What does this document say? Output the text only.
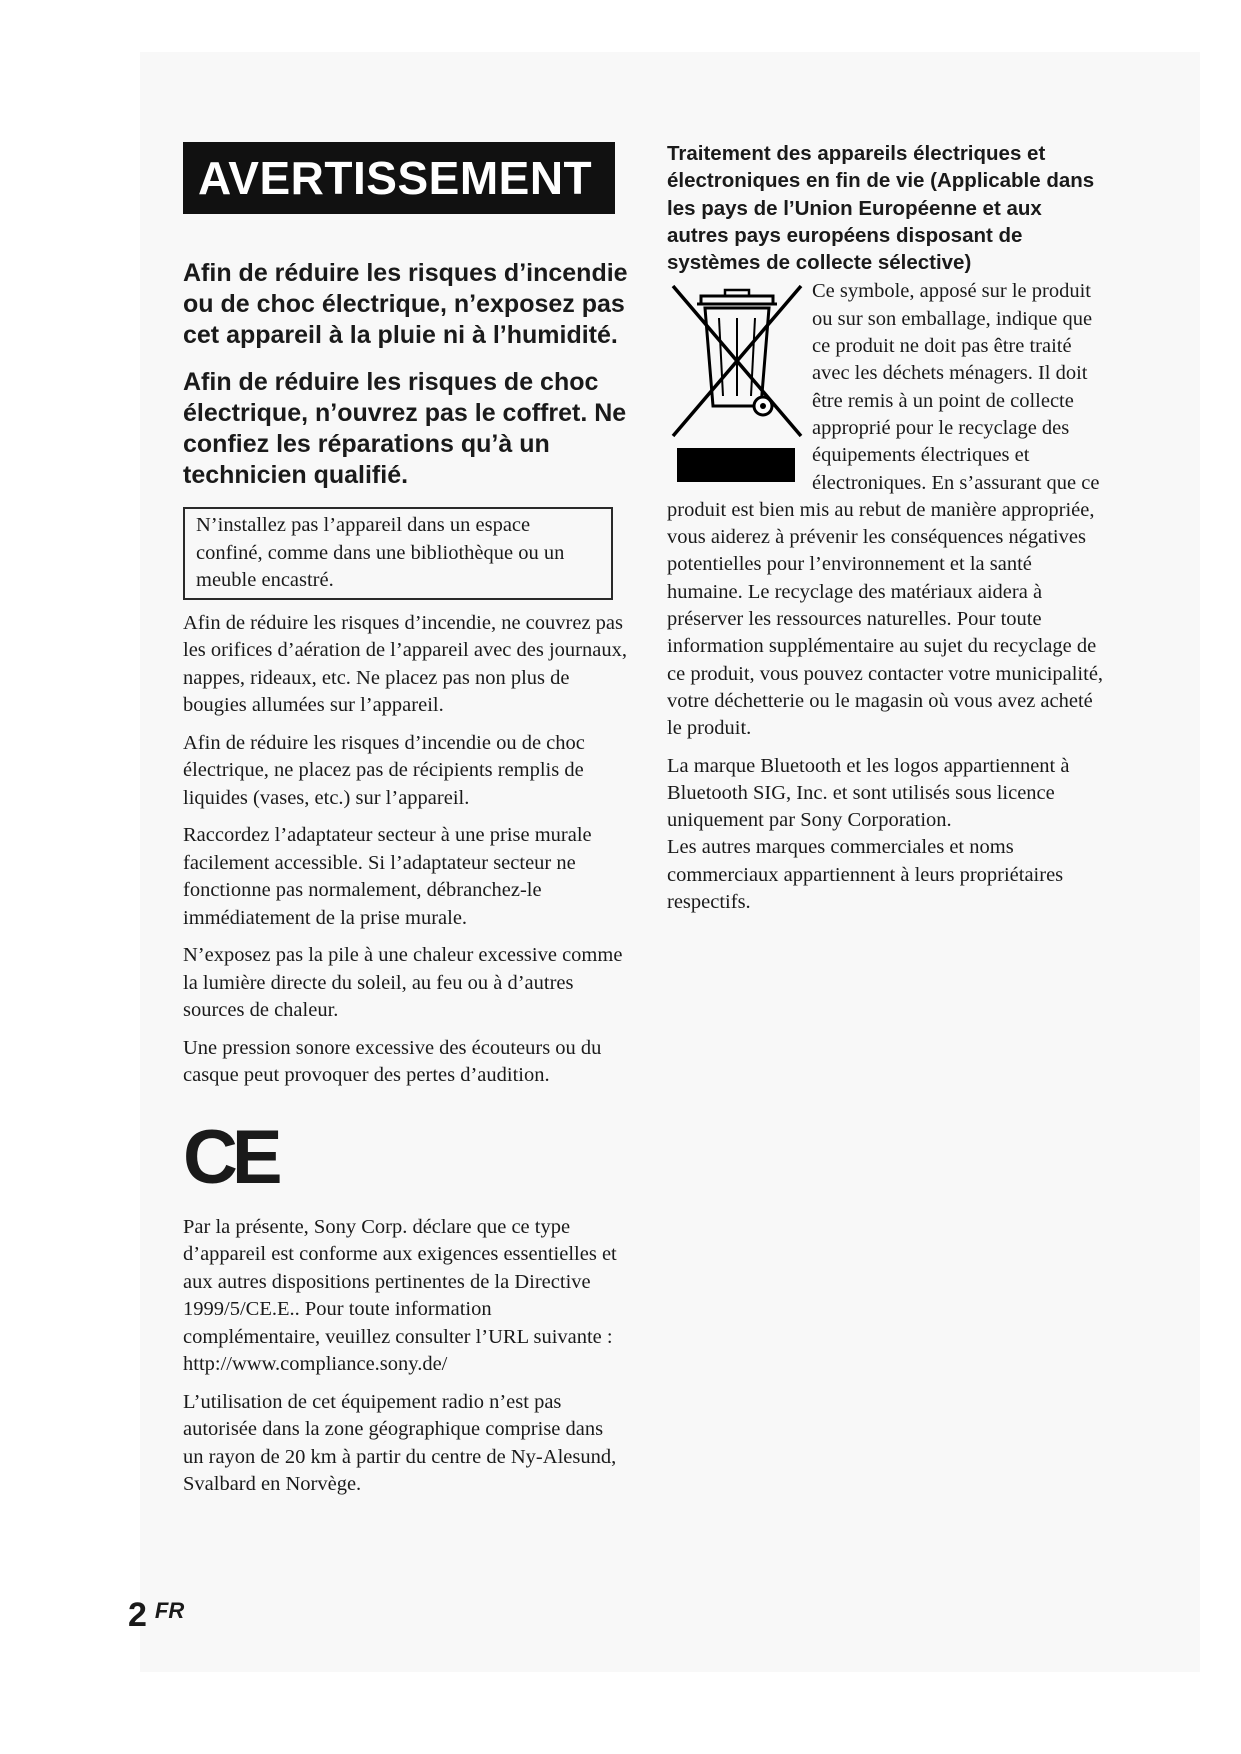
AVERTISSEMENT

Afin de réduire les risques d’incendie ou de choc électrique, n’exposez pas cet appareil à la pluie ni à l’humidité.

Afin de réduire les risques de choc électrique, n’ouvrez pas le coffret. Ne confiez les réparations qu’à un technicien qualifié.

N’installez pas l’appareil dans un espace confiné, comme dans une bibliothèque ou un meuble encastré.

Afin de réduire les risques d’incendie, ne couvrez pas les orifices d’aération de l’appareil avec des journaux, nappes, rideaux, etc. Ne placez pas non plus de bougies allumées sur l’appareil.

Afin de réduire les risques d’incendie ou de choc électrique, ne placez pas de récipients remplis de liquides (vases, etc.) sur l’appareil.

Raccordez l’adaptateur secteur à une prise murale facilement accessible. Si l’adaptateur secteur ne fonctionne pas normalement, débranchez-le immédiatement de la prise murale.

N’exposez pas la pile à une chaleur excessive comme la lumière directe du soleil, au feu ou à d’autres sources de chaleur.

Une pression sonore excessive des écouteurs ou du casque peut provoquer des pertes d’audition.

CE

Par la présente, Sony Corp. déclare que ce type d’appareil est conforme aux exigences essentielles et aux autres dispositions pertinentes de la Directive 1999/5/CE.E.. Pour toute information complémentaire, veuillez consulter l’URL suivante : http://www.compliance.sony.de/

L’utilisation de cet équipement radio n’est pas autorisée dans la zone géographique comprise dans un rayon de 20 km à partir du centre de Ny-Alesund, Svalbard en Norvège.

Traitement des appareils électriques et électroniques en fin de vie (Applicable dans les pays de l’Union Européenne et aux autres pays européens disposant de systèmes de collecte sélective)

Ce symbole, apposé sur le produit ou sur son emballage, indique que ce produit ne doit pas être traité avec les déchets ménagers. Il doit être remis à un point de collecte approprié pour le recyclage des équipements électriques et électroniques. En s’assurant que ce produit est bien mis au rebut de manière appropriée, vous aiderez à prévenir les conséquences négatives potentielles pour l’environnement et la santé humaine. Le recyclage des matériaux aidera à préserver les ressources naturelles. Pour toute information supplémentaire au sujet du recyclage de ce produit, vous pouvez contacter votre municipalité, votre déchetterie ou le magasin où vous avez acheté le produit.

La marque Bluetooth et les logos appartiennent à Bluetooth SIG, Inc. et sont utilisés sous licence uniquement par Sony Corporation.

Les autres marques commerciales et noms commerciaux appartiennent à leurs propriétaires respectifs.

2 FR
